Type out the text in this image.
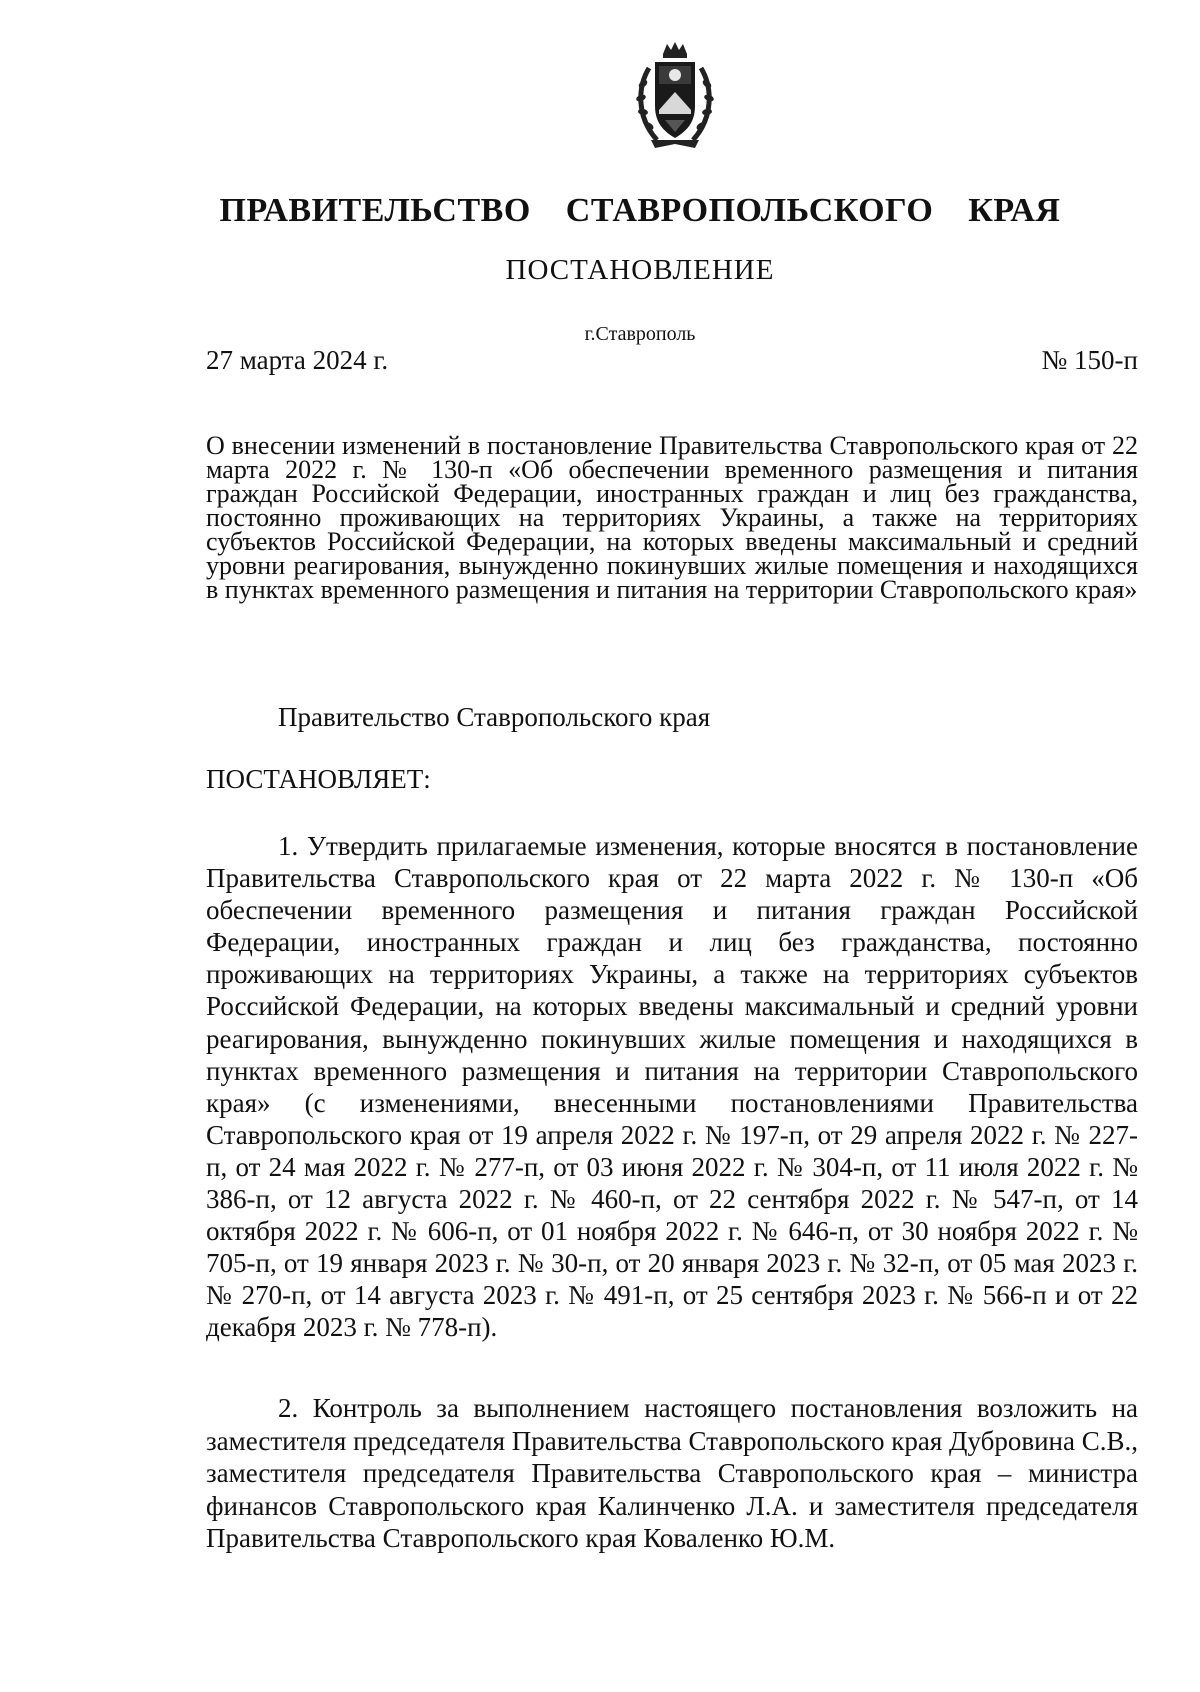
ПРАВИТЕЛЬСТВО СТАВРОПОЛЬСКОГО КРАЯ
ПОСТАНОВЛЕНИЕ
г.Ставрополь
27 марта 2024 г.	№ 150-п
О внесении изменений в постановление Правительства Ставропольского края от 22 марта 2022 г. № 130-п «Об обеспечении временного размещения и питания граждан Российской Федерации, иностранных граждан и лиц без гражданства, постоянно проживающих на территориях Украины, а также на территориях субъектов Российской Федерации, на которых введены максимальный и средний уровни реагирования, вынужденно покинувших жилые помещения и находящихся в пунктах временного размещения и питания на территории Ставропольского края»
Правительство Ставропольского края
ПОСТАНОВЛЯЕТ:
1. Утвердить прилагаемые изменения, которые вносятся в постановление Правительства Ставропольского края от 22 марта 2022 г. № 130-п «Об обеспечении временного размещения и питания граждан Российской Федерации, иностранных граждан и лиц без гражданства, постоянно проживающих на территориях Украины, а также на территориях субъектов Российской Федерации, на которых введены максимальный и средний уровни реагирования, вынужденно покинувших жилые помещения и находящихся в пунктах временного размещения и питания на территории Ставропольского края» (с изменениями, внесенными постановлениями Правительства Ставропольского края от 19 апреля 2022 г. № 197-п, от 29 апреля 2022 г. № 227-п, от 24 мая 2022 г. № 277-п, от 03 июня 2022 г. № 304-п, от 11 июля 2022 г. № 386-п, от 12 августа 2022 г. № 460-п, от 22 сентября 2022 г. № 547-п, от 14 октября 2022 г. № 606-п, от 01 ноября 2022 г. № 646-п, от 30 ноября 2022 г. № 705-п, от 19 января 2023 г. № 30-п, от 20 января 2023 г. № 32-п, от 05 мая 2023 г. № 270-п, от 14 августа 2023 г. № 491-п, от 25 сентября 2023 г. № 566-п и от 22 декабря 2023 г. № 778-п).
2. Контроль за выполнением настоящего постановления возложить на заместителя председателя Правительства Ставропольского края Дубровина С.В., заместителя председателя Правительства Ставропольского края – министра финансов Ставропольского края Калинченко Л.А. и заместителя председателя Правительства Ставропольского края Коваленко Ю.М.
